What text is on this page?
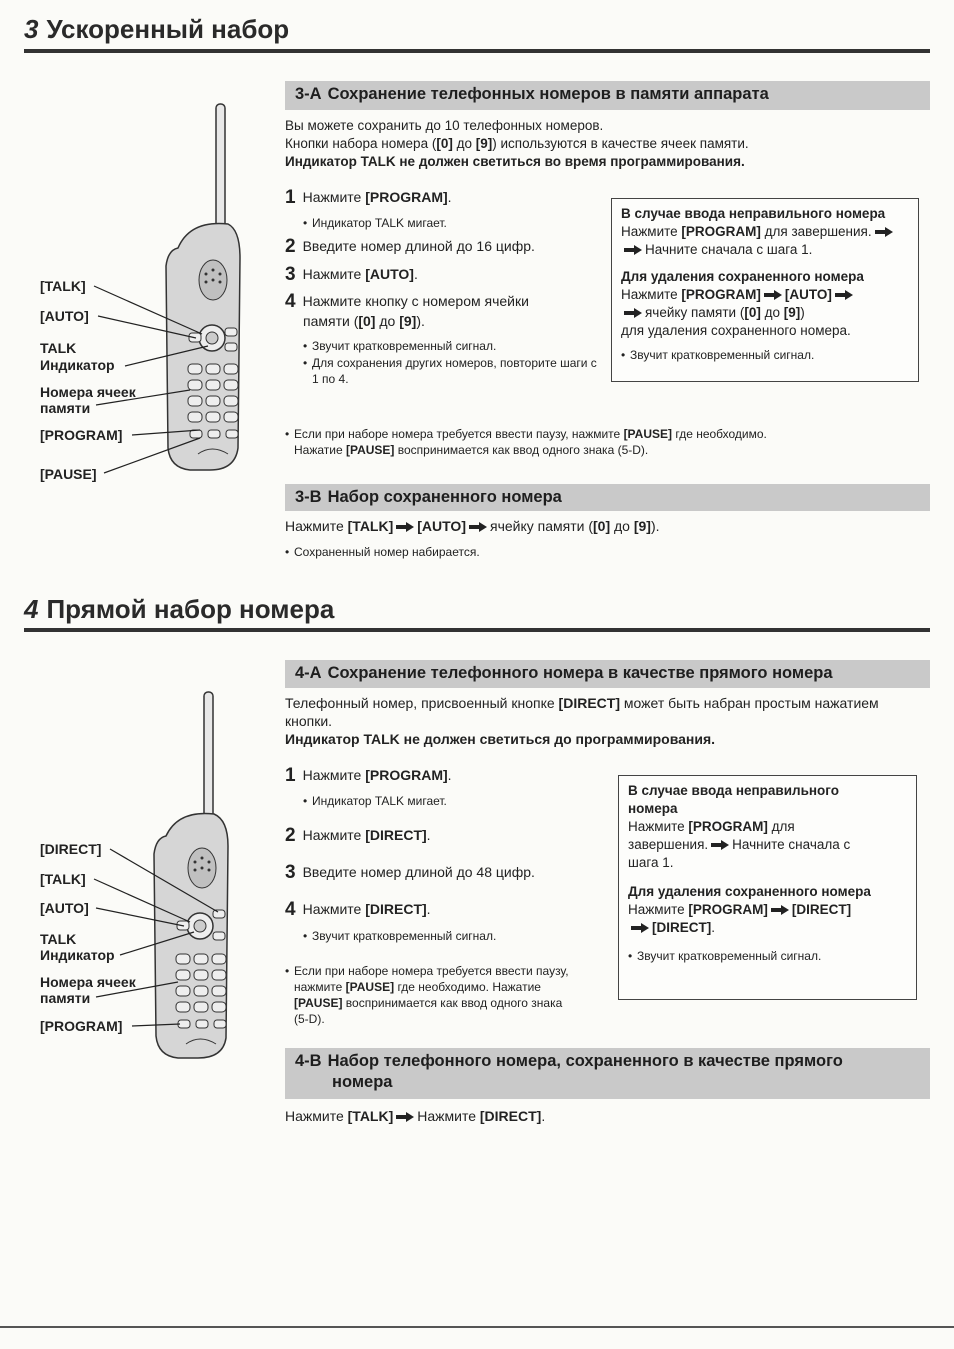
3 Ускоренный набор
3-A Сохранение телефонных номеров в памяти аппарата
Вы можете сохранить до 10 телефонных номеров.
Кнопки набора номера ([0] до [9]) используются в качестве ячеек памяти.
Индикатор TALK не должен светиться во время программирования.
1 Нажмите [PROGRAM].
• Индикатор TALK мигает.
2 Введите номер длиной до 16 цифр.
3 Нажмите [AUTO].
4 Нажмите кнопку с номером ячейки
памяти ([0] до [9]).
• Звучит кратковременный сигнал.
• Для сохранения других номеров, повторите шаги с 1 по 4.
В случае ввода неправильного номера
Нажмите [PROGRAM] для завершения.
Начните сначала с шага 1.
Для удаления сохраненного номера
Нажмите [PROGRAM] [AUTO]
ячейку памяти ([0] до [9])
для удаления сохраненного номера.
• Звучит кратковременный сигнал.
• Если при наборе номера требуется ввести паузу, нажмите [PAUSE] где необходимо.
Нажатие [PAUSE] воспринимается как ввод одного знака (5-D).
3-B Набор сохраненного номера
Нажмите [TALK] [AUTO] ячейку памяти ([0] до [9]).
• Сохраненный номер набирается.
[TALK]
[AUTO]
TALK
Индикатор
Номера ячеек
памяти
[PROGRAM]
[PAUSE]
4 Прямой набор номера
4-A Сохранение телефонного номера в качестве прямого номера
Телефонный номер, присвоенный кнопке [DIRECT] может быть набран простым нажатием
кнопки.
Индикатор TALK не должен светиться до программирования.
1 Нажмите [PROGRAM].
• Индикатор TALK мигает.
2 Нажмите [DIRECT].
3 Введите номер длиной до 48 цифр.
4 Нажмите [DIRECT].
• Звучит кратковременный сигнал.
• Если при наборе номера требуется ввести паузу,
нажмите [PAUSE] где необходимо. Нажатие
[PAUSE] воспринимается как ввод одного знака
(5-D).
В случае ввода неправильного
номера
Нажмите [PROGRAM] для
завершения. Начните сначала с
шага 1.
Для удаления сохраненного номера
Нажмите [PROGRAM] [DIRECT]
[DIRECT].
• Звучит кратковременный сигнал.
4-B Набор телефонного номера, сохраненного в качестве прямого
номера
Нажмите [TALK] Нажмите [DIRECT].
[DIRECT]
[TALK]
[AUTO]
TALK
Индикатор
Номера ячеек
памяти
[PROGRAM]
